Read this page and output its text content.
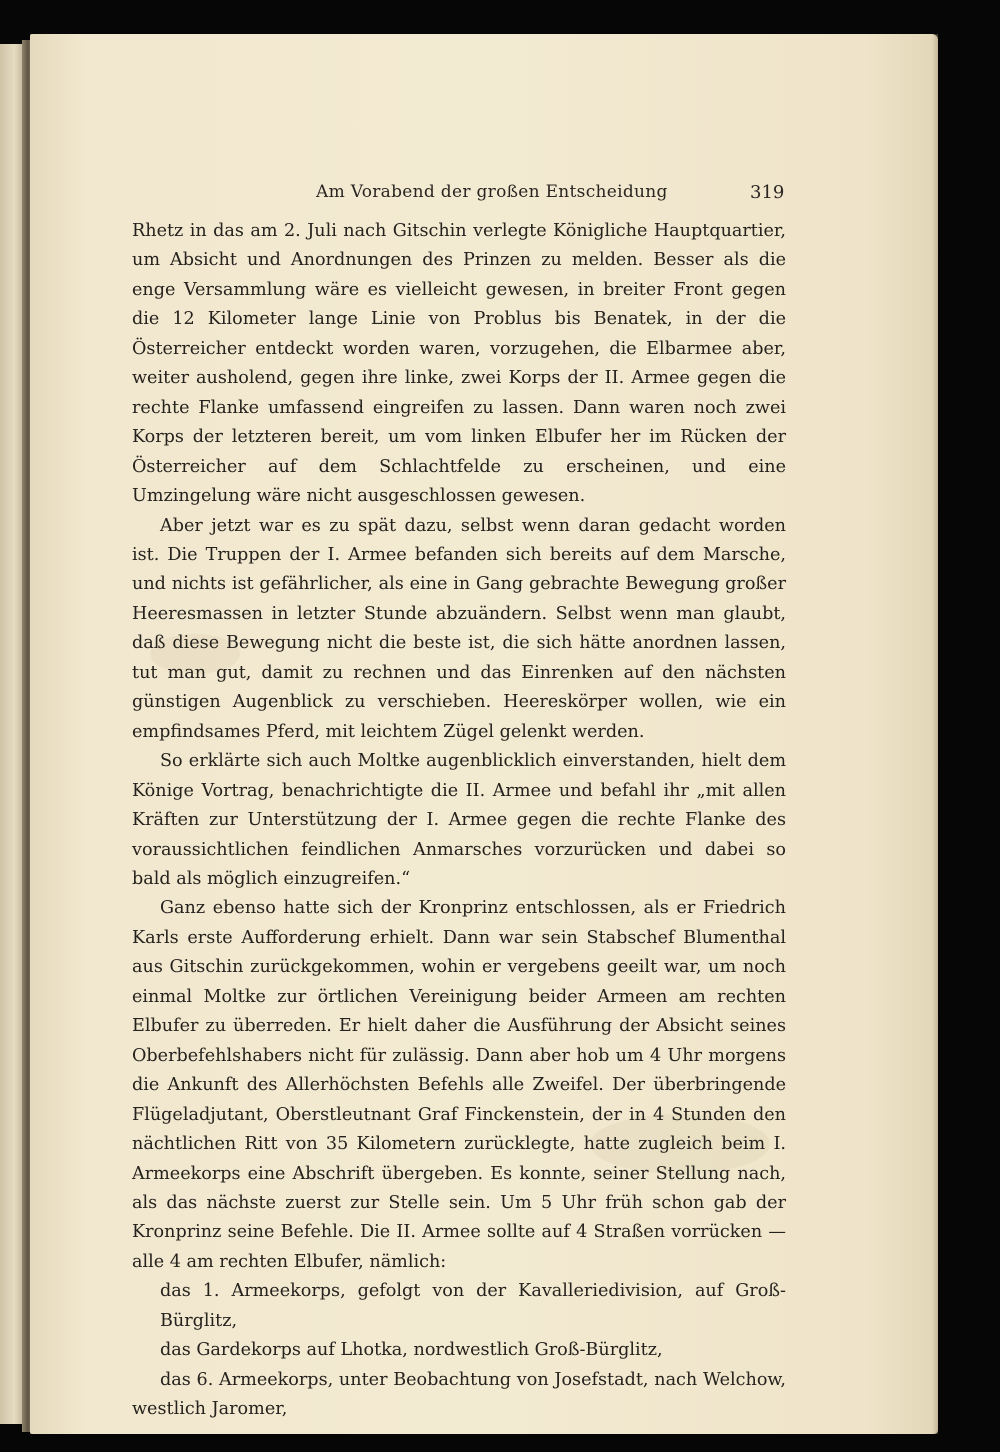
Am Vorabend der großen Entscheidung	319

Rhetz in das am 2. Juli nach Gitschin verlegte Königliche Hauptquartier, um Absicht und Anordnungen des Prinzen zu melden. Besser als die enge Versammlung wäre es vielleicht gewesen, in breiter Front gegen die 12 Kilometer lange Linie von Problus bis Benatek, in der die Österreicher entdeckt worden waren, vorzugehen, die Elbarmee aber, weiter ausholend, gegen ihre linke, zwei Korps der II. Armee gegen die rechte Flanke umfassend eingreifen zu lassen. Dann waren noch zwei Korps der letzteren bereit, um vom linken Elbufer her im Rücken der Österreicher auf dem Schlachtfelde zu erscheinen, und eine Umzingelung wäre nicht ausgeschlossen gewesen.

Aber jetzt war es zu spät dazu, selbst wenn daran gedacht worden ist. Die Truppen der I. Armee befanden sich bereits auf dem Marsche, und nichts ist gefährlicher, als eine in Gang gebrachte Bewegung großer Heeresmassen in letzter Stunde abzuändern. Selbst wenn man glaubt, daß diese Bewegung nicht die beste ist, die sich hätte anordnen lassen, tut man gut, damit zu rechnen und das Einrenken auf den nächsten günstigen Augenblick zu verschieben. Heereskörper wollen, wie ein empfindsames Pferd, mit leichtem Zügel gelenkt werden.

So erklärte sich auch Moltke augenblicklich einverstanden, hielt dem Könige Vortrag, benachrichtigte die II. Armee und befahl ihr „mit allen Kräften zur Unterstützung der I. Armee gegen die rechte Flanke des voraussichtlichen feindlichen Anmarsches vorzurücken und dabei so bald als möglich einzugreifen.“

Ganz ebenso hatte sich der Kronprinz entschlossen, als er Friedrich Karls erste Aufforderung erhielt. Dann war sein Stabschef Blumenthal aus Gitschin zurückgekommen, wohin er vergebens geeilt war, um noch einmal Moltke zur örtlichen Vereinigung beider Armeen am rechten Elbufer zu überreden. Er hielt daher die Ausführung der Absicht seines Oberbefehlshabers nicht für zulässig. Dann aber hob um 4 Uhr morgens die Ankunft des Allerhöchsten Befehls alle Zweifel. Der überbringende Flügeladjutant, Oberstleutnant Graf Finckenstein, der in 4 Stunden den nächtlichen Ritt von 35 Kilometern zurücklegte, hatte zugleich beim I. Armeekorps eine Abschrift übergeben. Es konnte, seiner Stellung nach, als das nächste zuerst zur Stelle sein. Um 5 Uhr früh schon gab der Kronprinz seine Befehle. Die II. Armee sollte auf 4 Straßen vorrücken — alle 4 am rechten Elbufer, nämlich:

das 1. Armeekorps, gefolgt von der Kavalleriedivision, auf Groß-Bürglitz,

das Gardekorps auf Lhotka, nordwestlich Groß-Bürglitz,

das 6. Armeekorps, unter Beobachtung von Josefstadt, nach Welchow, westlich Jaromer,
